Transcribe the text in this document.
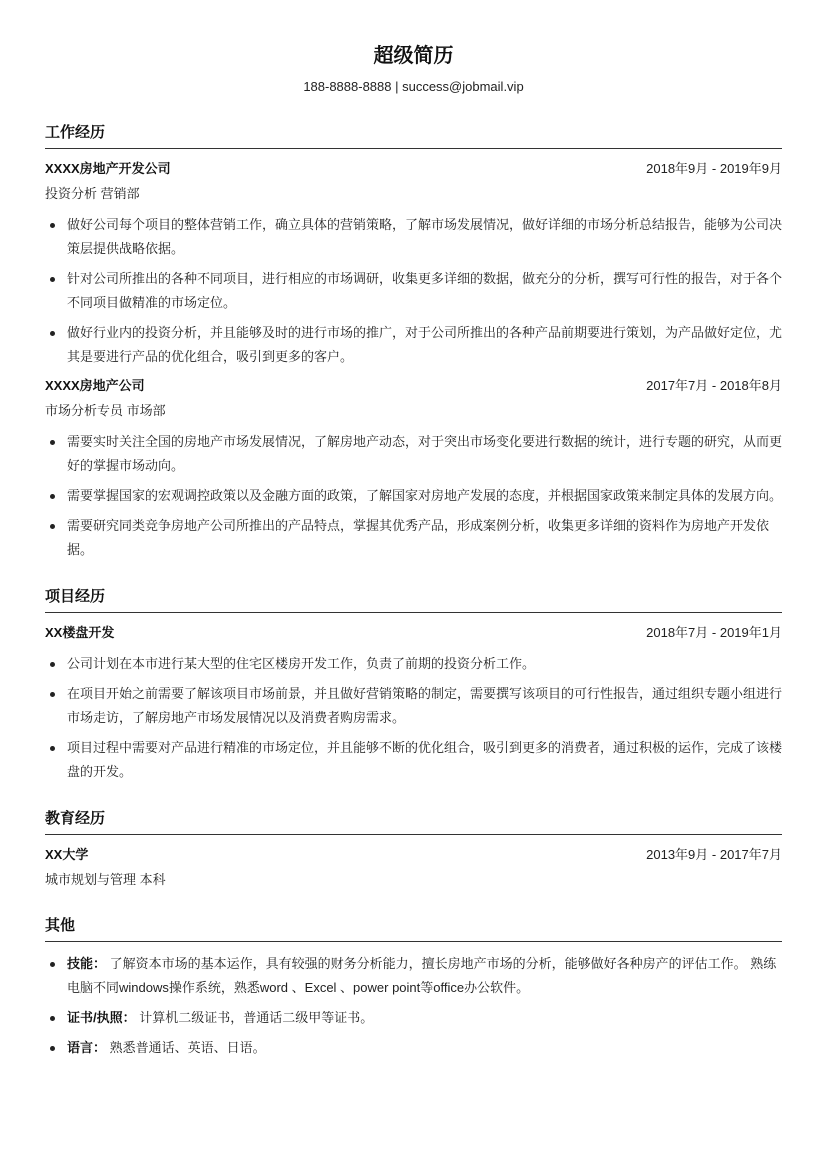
超级简历
188-8888-8888 | success@jobmail.vip
工作经历
XXXX房地产开发公司	2018年9月 - 2019年9月
投资分析 营销部
做好公司每个项目的整体营销工作，确立具体的营销策略，了解市场发展情况，做好详细的市场分析总结报告，能够为公司决策层提供战略依据。
针对公司所推出的各种不同项目，进行相应的市场调研，收集更多详细的数据，做充分的分析，撰写可行性的报告，对于各个不同项目做精准的市场定位。
做好行业内的投资分析，并且能够及时的进行市场的推广，对于公司所推出的各种产品前期要进行策划，为产品做好定位，尤其是要进行产品的优化组合，吸引到更多的客户。
XXXX房地产公司	2017年7月 - 2018年8月
市场分析专员 市场部
需要实时关注全国的房地产市场发展情况，了解房地产动态，对于突出市场变化要进行数据的统计，进行专题的研究，从而更好的掌握市场动向。
需要掌握国家的宏观调控政策以及金融方面的政策，了解国家对房地产发展的态度，并根据国家政策来制定具体的发展方向。
需要研究同类竞争房地产公司所推出的产品特点，掌握其优秀产品，形成案例分析，收集更多详细的资料作为房地产开发依据。
项目经历
XX楼盘开发	2018年7月 - 2019年1月
公司计划在本市进行某大型的住宅区楼房开发工作，负责了前期的投资分析工作。
在项目开始之前需要了解该项目市场前景，并且做好营销策略的制定，需要撰写该项目的可行性报告，通过组织专题小组进行市场走访，了解房地产市场发展情况以及消费者购房需求。
项目过程中需要对产品进行精准的市场定位，并且能够不断的优化组合，吸引到更多的消费者，通过积极的运作，完成了该楼盘的开发。
教育经历
XX大学	2013年9月 - 2017年7月
城市规划与管理 本科
其他
技能： 了解资本市场的基本运作，具有较强的财务分析能力，擅长房地产市场的分析，能够做好各种房产的评估工作。 熟练电脑不同windows操作系统，熟悉word 、Excel 、power point等office办公软件。
证书/执照： 计算机二级证书，普通话二级甲等证书。
语言： 熟悉普通话、英语、日语。
